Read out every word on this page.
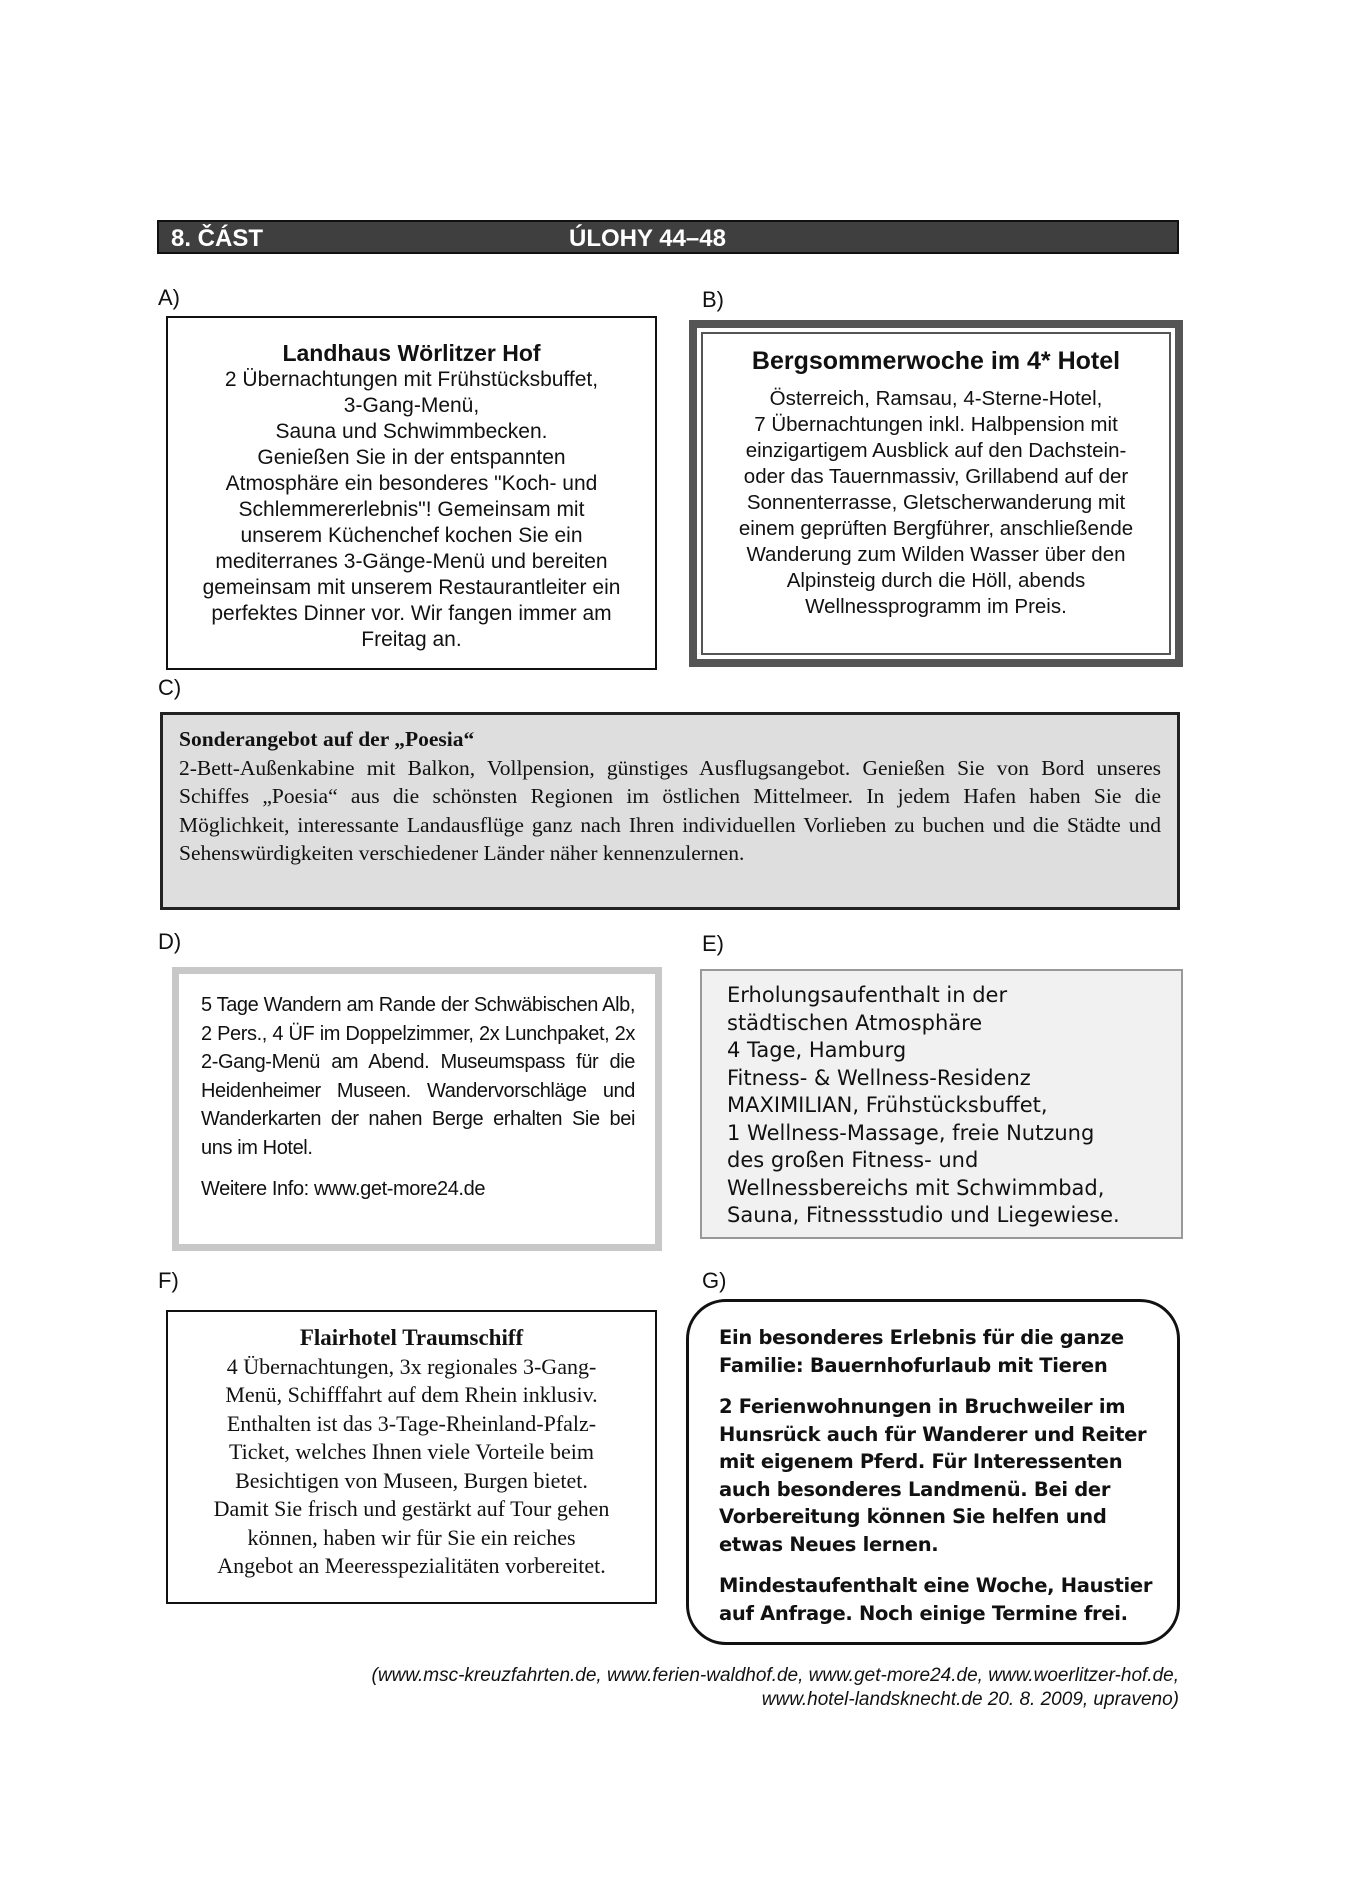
8. ČÁST	ÚLOHY 44–48
A)
Landhaus Wörlitzer Hof
2 Übernachtungen mit Frühstücksbuffet,
3-Gang-Menü,
Sauna und Schwimmbecken.
Genießen Sie in der entspannten
Atmosphäre ein besonderes "Koch- und
Schlemmererlebnis"! Gemeinsam mit
unserem Küchenchef kochen Sie ein
mediterranes 3-Gänge-Menü und bereiten
gemeinsam mit unserem Restaurantleiter ein
perfektes Dinner vor. Wir fangen immer am
Freitag an.
B)
Bergsommerwoche im 4* Hotel
Österreich, Ramsau, 4-Sterne-Hotel,
7 Übernachtungen inkl. Halbpension mit
einzigartigem Ausblick auf den Dachstein-
oder das Tauernmassiv, Grillabend auf der
Sonnenterrasse, Gletscherwanderung mit
einem geprüften Bergführer, anschließende
Wanderung zum Wilden Wasser über den
Alpinsteig durch die Höll, abends
Wellnessprogramm im Preis.
C)
Sonderangebot auf der „Poesia“
2-Bett-Außenkabine mit Balkon, Vollpension, günstiges Ausflugsangebot. Genießen Sie von Bord unseres Schiffes „Poesia“ aus die schönsten Regionen im östlichen Mittelmeer. In jedem Hafen haben Sie die Möglichkeit, interessante Landausflüge ganz nach Ihren individuellen Vorlieben zu buchen und die Städte und Sehenswürdigkeiten verschiedener Länder näher kennenzulernen.
D)
5 Tage Wandern am Rande der Schwäbischen Alb, 2 Pers., 4 ÜF im Doppelzimmer, 2x Lunchpaket, 2x 2-Gang-Menü am Abend. Museumspass für die Heidenheimer Museen. Wandervorschläge und Wanderkarten der nahen Berge erhalten Sie bei uns im Hotel.
Weitere Info: www.get-more24.de
E)
Erholungsaufenthalt in der
städtischen Atmosphäre
4 Tage, Hamburg
Fitness- & Wellness-Residenz
MAXIMILIAN, Frühstücksbuffet,
1 Wellness-Massage, freie Nutzung
des großen Fitness- und
Wellnessbereichs mit Schwimmbad,
Sauna, Fitnessstudio und Liegewiese.
F)
Flairhotel Traumschiff
4 Übernachtungen, 3x regionales 3-Gang-
Menü, Schifffahrt auf dem Rhein inklusiv.
Enthalten ist das 3-Tage-Rheinland-Pfalz-
Ticket, welches Ihnen viele Vorteile beim
Besichtigen von Museen, Burgen bietet.
Damit Sie frisch und gestärkt auf Tour gehen
können, haben wir für Sie ein reiches
Angebot an Meeresspezialitäten vorbereitet.
G)

Ein besonderes Erlebnis für die ganze Familie: Bauernhofurlaub mit Tieren

2 Ferienwohnungen in Bruchweiler im Hunsrück auch für Wanderer und Reiter mit eigenem Pferd. Für Interessenten auch besonderes Landmenü. Bei der Vorbereitung können Sie helfen und etwas Neues lernen.

Mindestaufenthalt eine Woche, Haustier auf Anfrage. Noch einige Termine frei.

(www.msc-kreuzfahrten.de, www.ferien-waldhof.de, www.get-more24.de, www.woerlitzer-hof.de,
www.hotel-landsknecht.de 20. 8. 2009, upraveno)
